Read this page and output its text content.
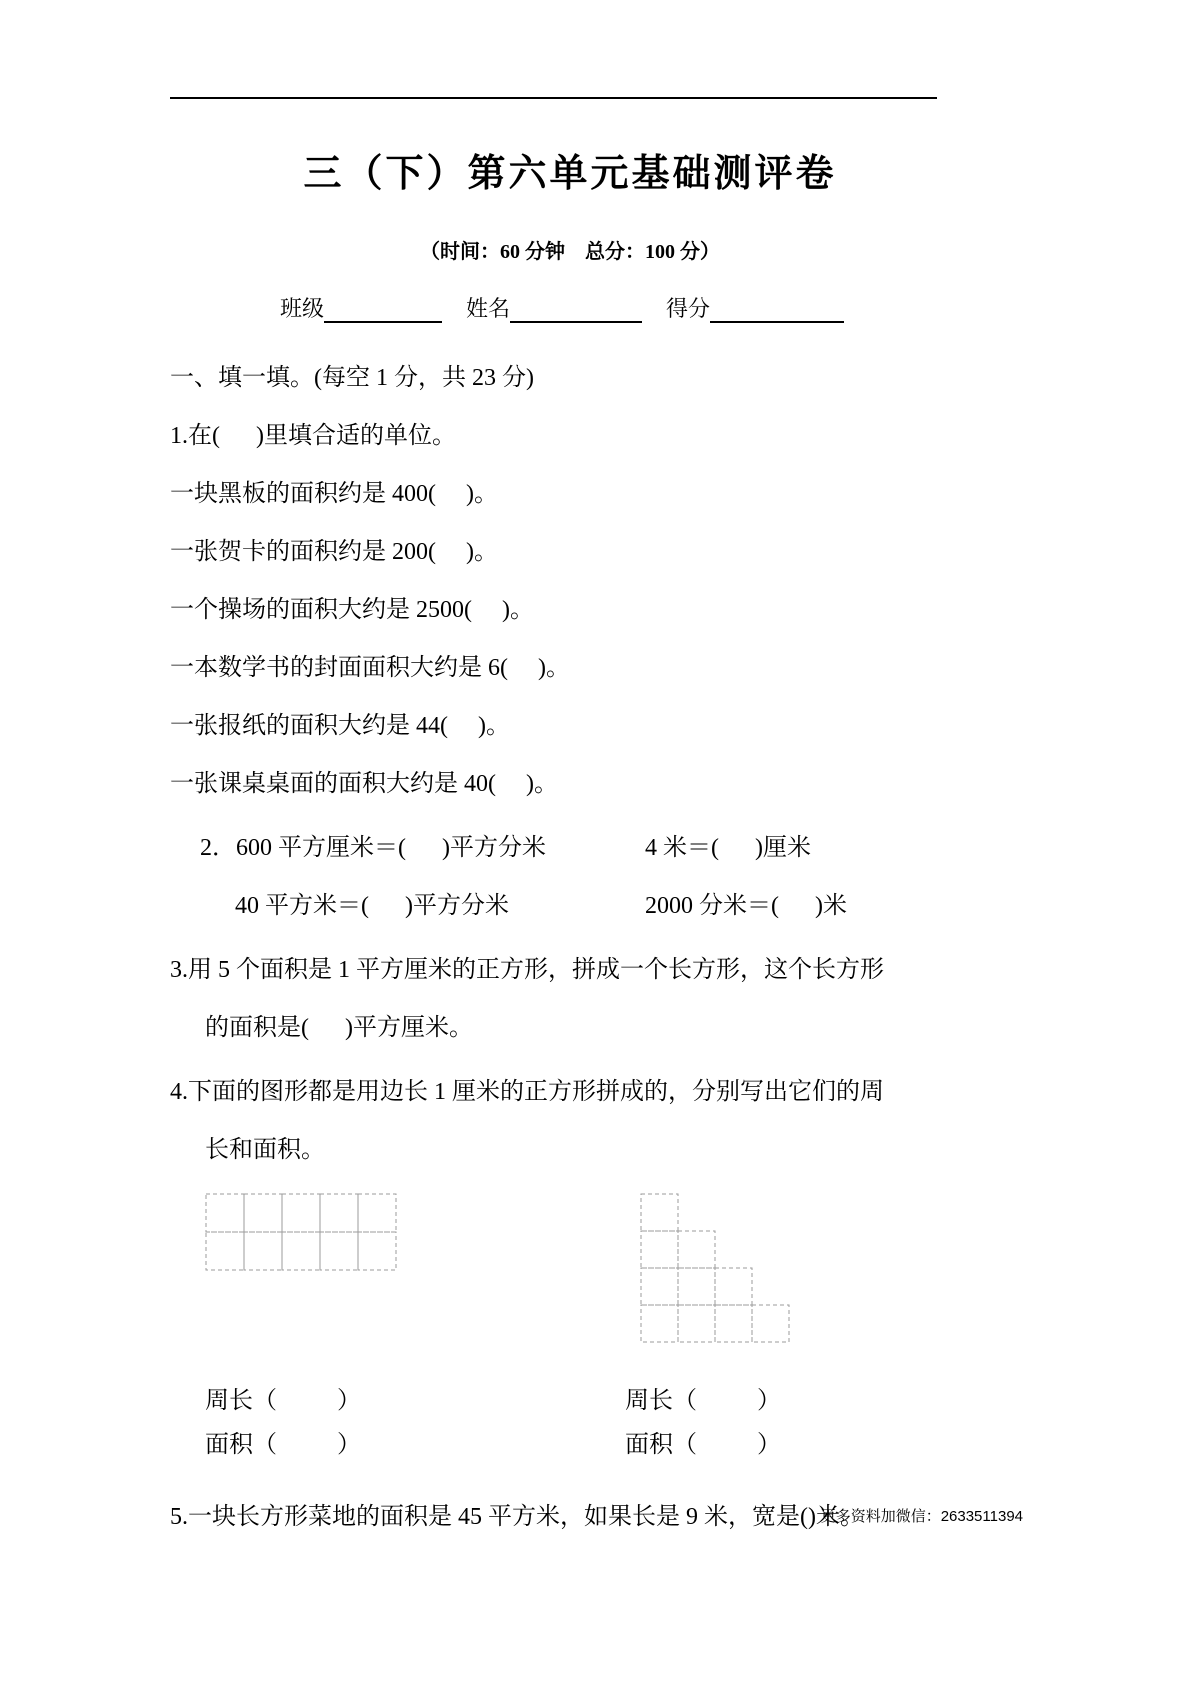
三（下）第六单元基础测评卷
（时间：60 分钟    总分：100 分）
班级	姓名	得分

一、填一填。(每空 1 分，共 23 分)

1.在(      )里填合适的单位。

一块黑板的面积约是 400(     )。

一张贺卡的面积约是 200(     )。

一个操场的面积大约是 2500(     )。

一本数学书的封面面积大约是 6(     )。

一张报纸的面积大约是 44(     )。

一张课桌桌面的面积大约是 40(     )。

2．600 平方厘米＝(      )平方分米	4 米＝(      )厘米
40 平方米＝(      )平方分米	2000 分米＝(      )米

3.用 5 个面积是 1 平方厘米的正方形，拼成一个长方形，这个长方形

的面积是(      )平方厘米。

4.下面的图形都是用边长 1 厘米的正方形拼成的，分别写出它们的周

长和面积。

周长（          ）	周长（          ）
面积（          ）	面积（          ）

5.一块长方形菜地的面积是 45 平方米，如果长是 9 米，宽是()米。

更多资料加微信：2633511394
